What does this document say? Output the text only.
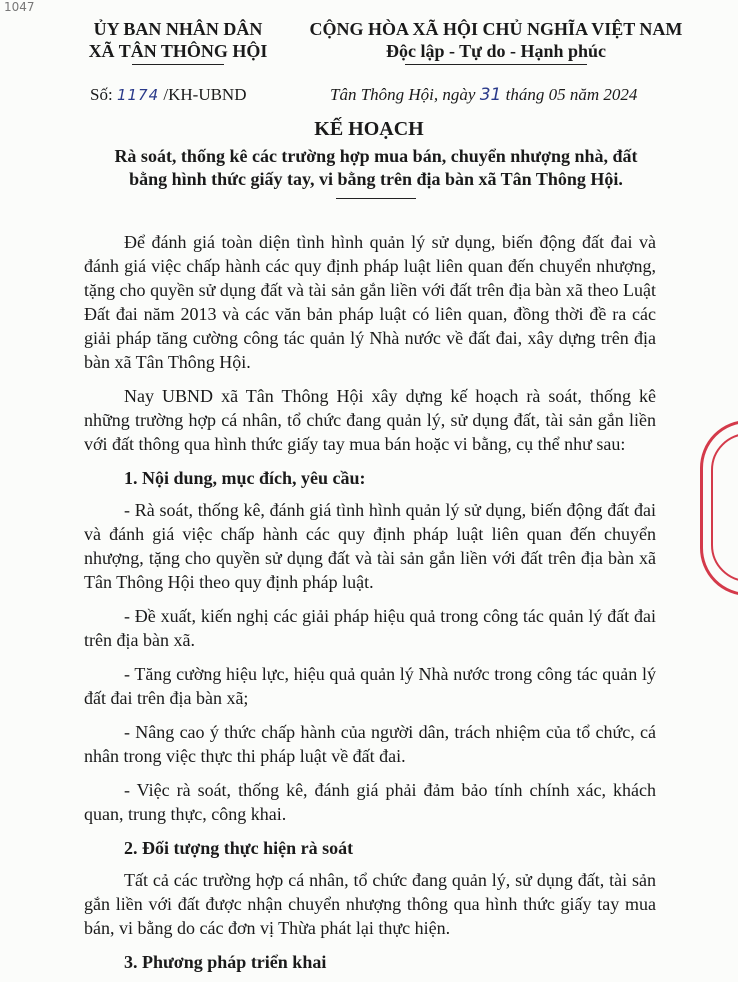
1047
ỦY BAN NHÂN DÂN
XÃ TÂN THÔNG HỘI
CỘNG HÒA XÃ HỘI CHỦ NGHĨA VIỆT NAM
Độc lập - Tự do - Hạnh phúc
Số: 1174 /KH-UBND	Tân Thông Hội, ngày 31 tháng 05 năm 2024
KẾ HOẠCH
Rà soát, thống kê các trường hợp mua bán, chuyển nhượng nhà, đất bằng hình thức giấy tay, vi bằng trên địa bàn xã Tân Thông Hội.

Để đánh giá toàn diện tình hình quản lý sử dụng, biến động đất đai và đánh giá việc chấp hành các quy định pháp luật liên quan đến chuyển nhượng, tặng cho quyền sử dụng đất và tài sản gắn liền với đất trên địa bàn xã theo Luật Đất đai năm 2013 và các văn bản pháp luật có liên quan, đồng thời đề ra các giải pháp tăng cường công tác quản lý Nhà nước về đất đai, xây dựng trên địa bàn xã Tân Thông Hội.

Nay UBND xã Tân Thông Hội xây dựng kế hoạch rà soát, thống kê những trường hợp cá nhân, tổ chức đang quản lý, sử dụng đất, tài sản gắn liền với đất thông qua hình thức giấy tay mua bán hoặc vi bằng, cụ thể như sau:

1. Nội dung, mục đích, yêu cầu:

- Rà soát, thống kê, đánh giá tình hình quản lý sử dụng, biến động đất đai và đánh giá việc chấp hành các quy định pháp luật liên quan đến chuyển nhượng, tặng cho quyền sử dụng đất và tài sản gắn liền với đất trên địa bàn xã Tân Thông Hội theo quy định pháp luật.

- Đề xuất, kiến nghị các giải pháp hiệu quả trong công tác quản lý đất đai trên địa bàn xã.

- Tăng cường hiệu lực, hiệu quả quản lý Nhà nước trong công tác quản lý đất đai trên địa bàn xã;

- Nâng cao ý thức chấp hành của người dân, trách nhiệm của tổ chức, cá nhân trong việc thực thi pháp luật về đất đai.

- Việc rà soát, thống kê, đánh giá phải đảm bảo tính chính xác, khách quan, trung thực, công khai.

2. Đối tượng thực hiện rà soát

Tất cả các trường hợp cá nhân, tổ chức đang quản lý, sử dụng đất, tài sản gắn liền với đất được nhận chuyển nhượng thông qua hình thức giấy tay mua bán, vi bằng do các đơn vị Thừa phát lại thực hiện.

3. Phương pháp triển khai
